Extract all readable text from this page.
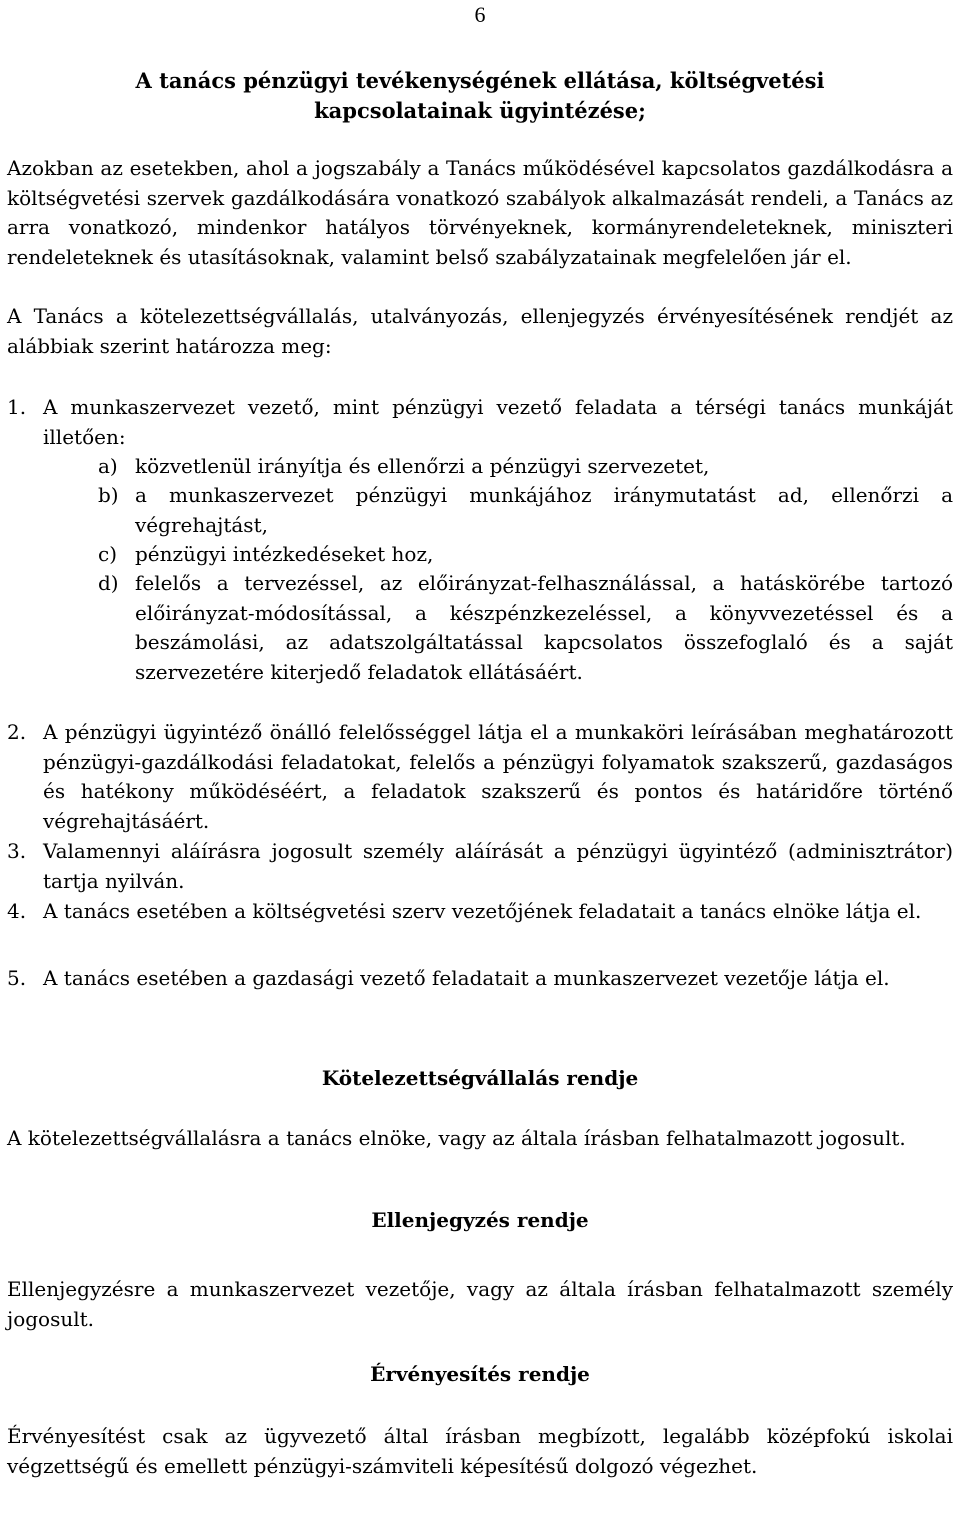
6
A tanács pénzügyi tevékenységének ellátása, költségvetési
kapcsolatainak ügyintézése;
Azokban az esetekben, ahol a jogszabály a Tanács működésével kapcsolatos gazdálkodásra a költségvetési szervek gazdálkodására vonatkozó szabályok alkalmazását rendeli, a Tanács az arra vonatkozó, mindenkor hatályos törvényeknek, kormányrendeleteknek, miniszteri rendeleteknek és utasításoknak, valamint belső szabályzatainak megfelelően jár el.
A Tanács a kötelezettségvállalás, utalványozás, ellenjegyzés érvényesítésének rendjét az alábbiak szerint határozza meg:
1. A munkaszervezet vezető, mint pénzügyi vezető feladata a térségi tanács munkáját illetően:
a) közvetlenül irányítja és ellenőrzi a pénzügyi szervezetet,
b) a munkaszervezet pénzügyi munkájához iránymutatást ad, ellenőrzi a végrehajtást,
c) pénzügyi intézkedéseket hoz,
d) felelős a tervezéssel, az előirányzat-felhasználással, a hatáskörébe tartozó előirányzat-módosítással, a készpénzkezeléssel, a könyvvezetéssel és a beszámolási, az adatszolgáltatással kapcsolatos összefoglaló és a saját szervezetére kiterjedő feladatok ellátásáért.
2. A pénzügyi ügyintéző önálló felelősséggel látja el a munkaköri leírásában meghatározott pénzügyi-gazdálkodási feladatokat, felelős a pénzügyi folyamatok szakszerű, gazdaságos és hatékony működéséért, a feladatok szakszerű és pontos és határidőre történő végrehajtásáért.
3. Valamennyi aláírásra jogosult személy aláírását a pénzügyi ügyintéző (adminisztrátor) tartja nyilván.
4. A tanács esetében a költségvetési szerv vezetőjének feladatait a tanács elnöke látja el.
5. A tanács esetében a gazdasági vezető feladatait a munkaszervezet vezetője látja el.
Kötelezettségvállalás rendje
A kötelezettségvállalásra a tanács elnöke, vagy az általa írásban felhatalmazott jogosult.
Ellenjegyzés rendje
Ellenjegyzésre a munkaszervezet vezetője, vagy az általa írásban felhatalmazott személy jogosult.
Érvényesítés rendje
Érvényesítést csak az ügyvezető által írásban megbízott, legalább középfokú iskolai végzettségű és emellett pénzügyi-számviteli képesítésű dolgozó végezhet.
